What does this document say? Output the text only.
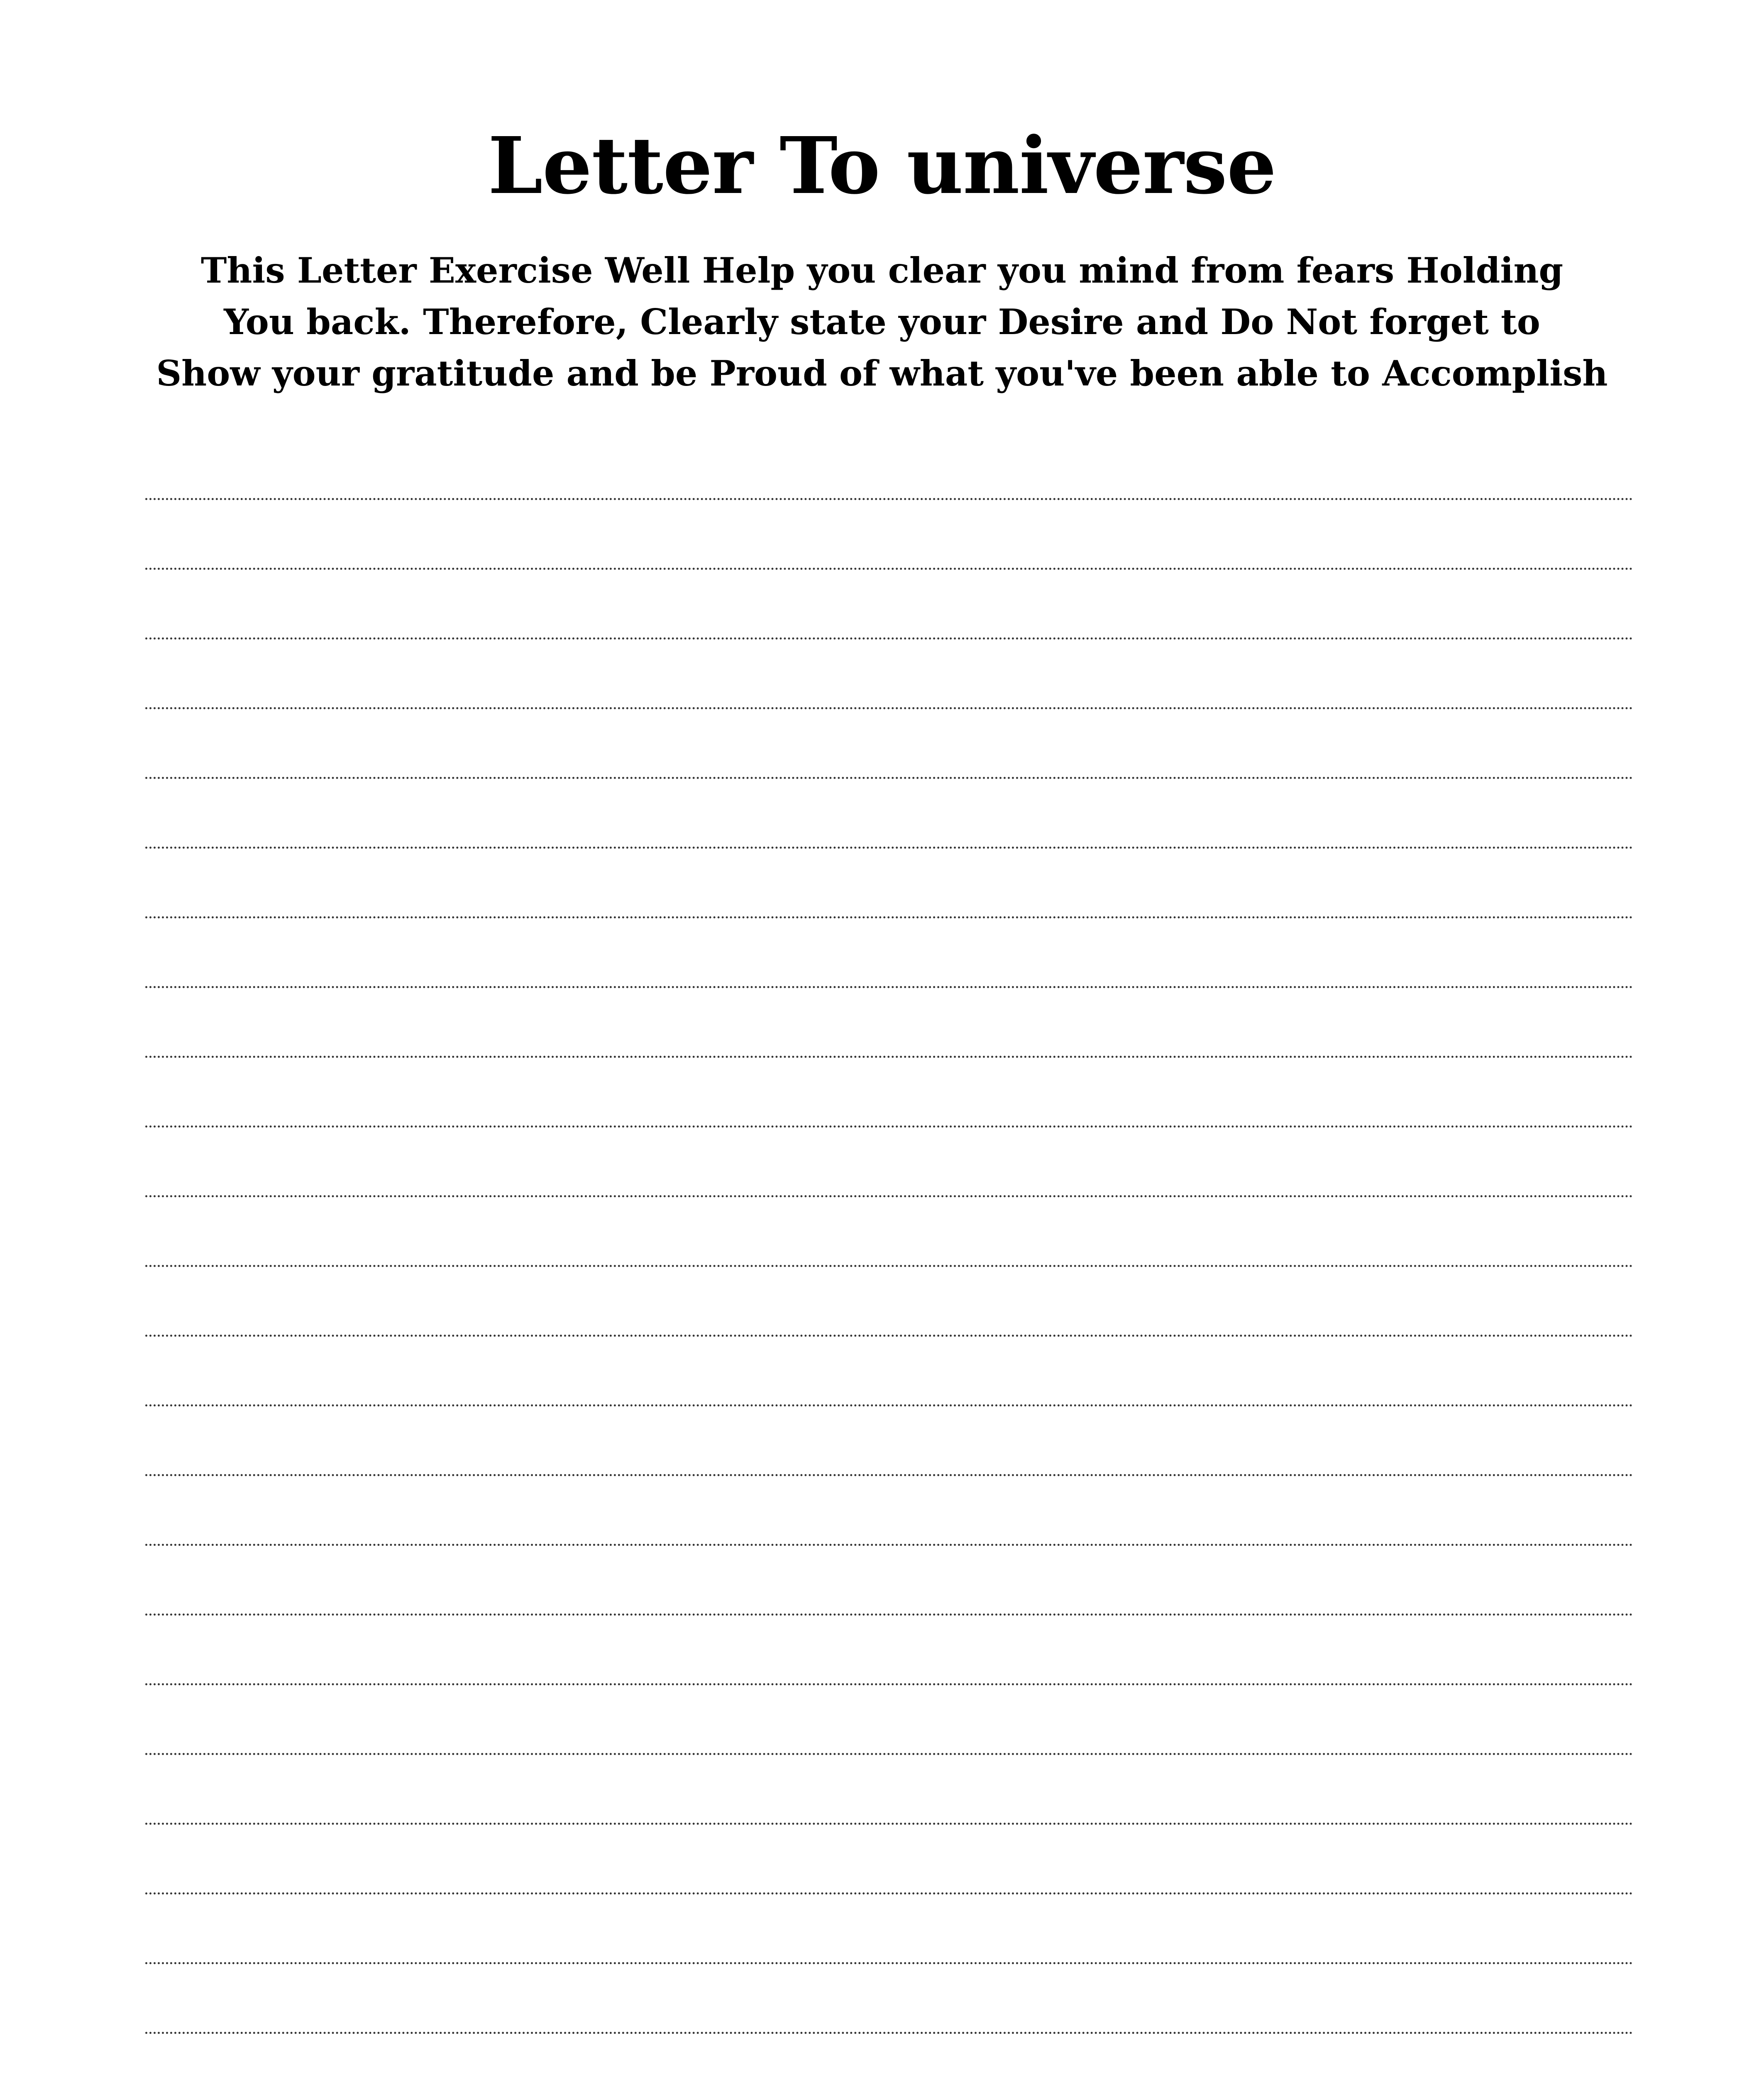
Letter To universe
This Letter Exercise Well Help you clear you mind from fears Holding
You back. Therefore, Clearly state your Desire and Do Not forget to
Show your gratitude and be Proud of what you've been able to Accomplish
